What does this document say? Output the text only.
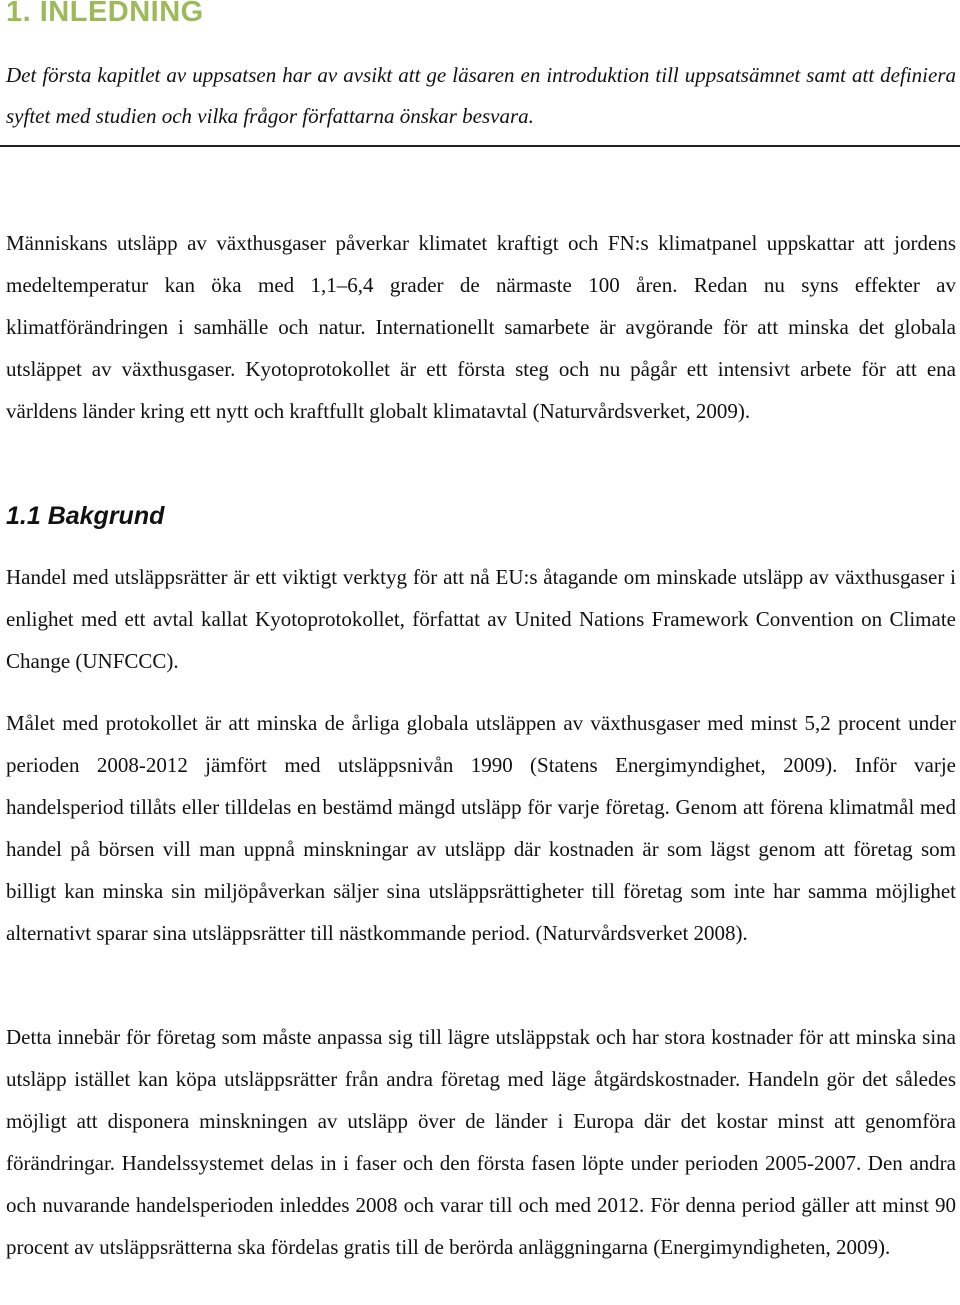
1. INLEDNING
Det första kapitlet av uppsatsen har av avsikt att ge läsaren en introduktion till uppsatsämnet samt att definiera syftet med studien och vilka frågor författarna önskar besvara.
Människans utsläpp av växthusgaser påverkar klimatet kraftigt och FN:s klimatpanel uppskattar att jordens medeltemperatur kan öka med 1,1–6,4 grader de närmaste 100 åren. Redan nu syns effekter av klimatförändringen i samhälle och natur. Internationellt samarbete är avgörande för att minska det globala utsläppet av växthusgaser. Kyotoprotokollet är ett första steg och nu pågår ett intensivt arbete för att ena världens länder kring ett nytt och kraftfullt globalt klimatavtal (Naturvårdsverket, 2009).
1.1 Bakgrund
Handel med utsläppsrätter är ett viktigt verktyg för att nå EU:s åtagande om minskade utsläpp av växthusgaser i enlighet med ett avtal kallat Kyotoprotokollet, författat av United Nations Framework Convention on Climate Change (UNFCCC).
Målet med protokollet är att minska de årliga globala utsläppen av växthusgaser med minst 5,2 procent under perioden 2008-2012 jämfört med utsläppsnivån 1990 (Statens Energimyndighet, 2009). Inför varje handelsperiod tillåts eller tilldelas en bestämd mängd utsläpp för varje företag. Genom att förena klimatmål med handel på börsen vill man uppnå minskningar av utsläpp där kostnaden är som lägst genom att företag som billigt kan minska sin miljöpåverkan säljer sina utsläppsrättigheter till företag som inte har samma möjlighet alternativt sparar sina utsläppsrätter till nästkommande period. (Naturvårdsverket 2008).
Detta innebär för företag som måste anpassa sig till lägre utsläppstak och har stora kostnader för att minska sina utsläpp istället kan köpa utsläppsrätter från andra företag med läge åtgärdskostnader. Handeln gör det således möjligt att disponera minskningen av utsläpp över de länder i Europa där det kostar minst att genomföra förändringar. Handelssystemet delas in i faser och den första fasen löpte under perioden 2005-2007. Den andra och nuvarande handelsperioden inleddes 2008 och varar till och med 2012. För denna period gäller att minst 90 procent av utsläppsrätterna ska fördelas gratis till de berörda anläggningarna (Energimyndigheten, 2009).
